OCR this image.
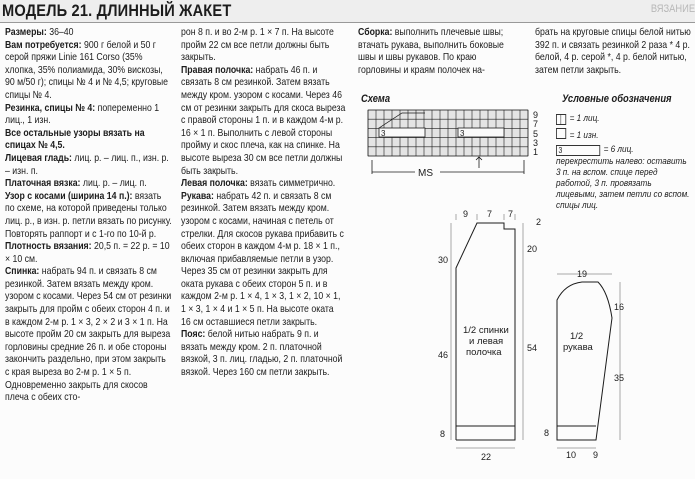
МОДЕЛЬ 21. ДЛИННЫЙ ЖАКЕТ	ВЯЗАНИЕ

Размеры: 36–40

Вам потребуется: 900 г белой и 50 г серой пряжи Linie 161 Corso (35% хлопка, 35% полиамида, 30% вискозы, 90 м/50 г); спицы № 4 и № 4,5; круговые спицы № 4.

Резинка, спицы № 4: попеременно 1 лиц., 1 изн.

Все остальные узоры вязать на спицах № 4,5.

Лицевая гладь: лиц. р. – лиц. п., изн. р. – изн. п.

Платочная вязка: лиц. р. – лиц. п.

Узор с косами (ширина 14 п.): вязать по схеме, на которой приведены только лиц. р., в изн. р. петли вязать по рисунку. Повторять раппорт и с 1-го по 10-й р.

Плотность вязания: 20,5 п. = 22 р. = 10 × 10 см.

Спинка: набрать 94 п. и связать 8 см резинкой. Затем вязать между кром. узором с косами. Через 54 см от резинки закрыть для пройм с обеих сторон 4 п. и в каждом 2-м р. 1 × 3, 2 × 2 и 3 × 1 п. На высоте пройм 20 см закрыть для выреза горловины средние 26 п. и обе стороны закончить раздельно, при этом закрыть с края выреза во 2-м р. 1 × 5 п. Одновременно закрыть для скосов плеча с обеих сто-

рон 8 п. и во 2-м р. 1 × 7 п. На высоте пройм 22 см все петли должны быть закрыть.

Правая полочка: набрать 46 п. и связать 8 см резинкой. Затем вязать между кром. узором с косами. Через 46 см от резинки закрыть для скоса выреза с правой стороны 1 п. и в каждом 4-м р. 16 × 1 п. Выполнить с левой стороны пройму и скос плеча, как на спинке. На высоте выреза 30 см все петли должны быть закрыть.

Левая полочка: вязать симметрично.

Рукава: набрать 42 п. и связать 8 см резинкой. Затем вязать между кром. узором с косами, начиная с петель от стрелки. Для скосов рукава прибавить с обеих сторон в каждом 4-м р. 18 × 1 п., включая прибавляемые петли в узор. Через 35 см от резинки закрыть для оката рукава с обеих сторон 5 п. и в каждом 2-м р. 1 × 4, 1 × 3, 1 × 2, 10 × 1, 1 × 3, 1 × 4 и 1 × 5 п. На высоте оката 16 см оставшиеся петли закрыть.

Пояс: белой нитью набрать 9 п. и вязать между кром. 2 п. платочной вязкой, 3 п. лиц. гладью, 2 п. платочной вязкой. Через 160 см петли закрыть.

Сборка: выполнить плечевые швы; втачать рукава, выполнить боковые швы и швы рукавов. По краю горловины и краям полочек на-

брать на круговые спицы белой нитью 392 п. и связать резинкой 2 раза * 4 р. белой, 4 р. серой *, 4 р. белой нитью, затем петли закрыть.

Схема	Условные обозначения
│ = 1 лиц.
= 1 изн.
3	= 6 лиц. перекрестить налево: оставить 3 п. на вспом. спице перед работой, 3 п. провязать лицевыми, затем петли со вспом. спицы лиц.
3	3
9
7
5
3
1
MS
9 7 7
2
30
46
20
54
8
22
1/2 спинки и левая полочка
19
16
35
8
10 9
1/2 рукава
